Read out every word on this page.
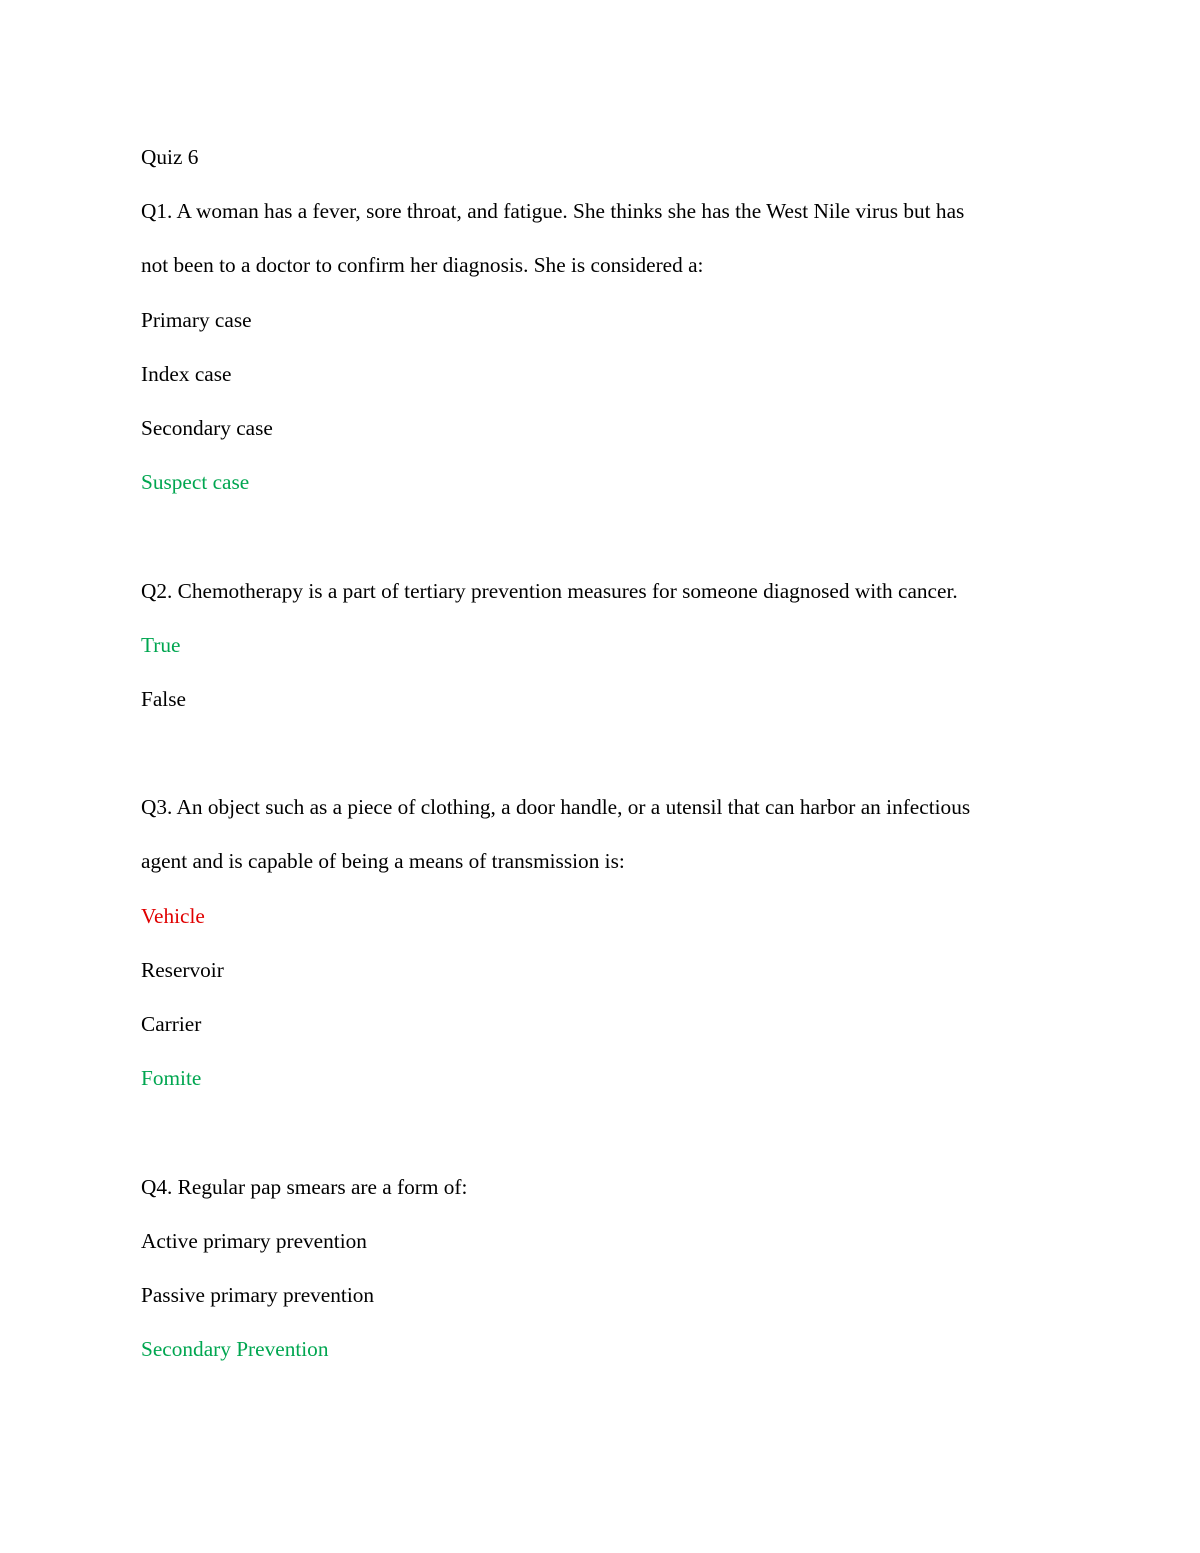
Quiz 6
Q1. A woman has a fever, sore throat, and fatigue. She thinks she has the West Nile virus but has
not been to a doctor to confirm her diagnosis. She is considered a:
Primary case
Index case
Secondary case
Suspect case
Q2. Chemotherapy is a part of tertiary prevention measures for someone diagnosed with cancer.
True
False
Q3. An object such as a piece of clothing, a door handle, or a utensil that can harbor an infectious
agent and is capable of being a means of transmission is:
Vehicle
Reservoir
Carrier
Fomite
Q4. Regular pap smears are a form of:
Active primary prevention
Passive primary prevention
Secondary Prevention
